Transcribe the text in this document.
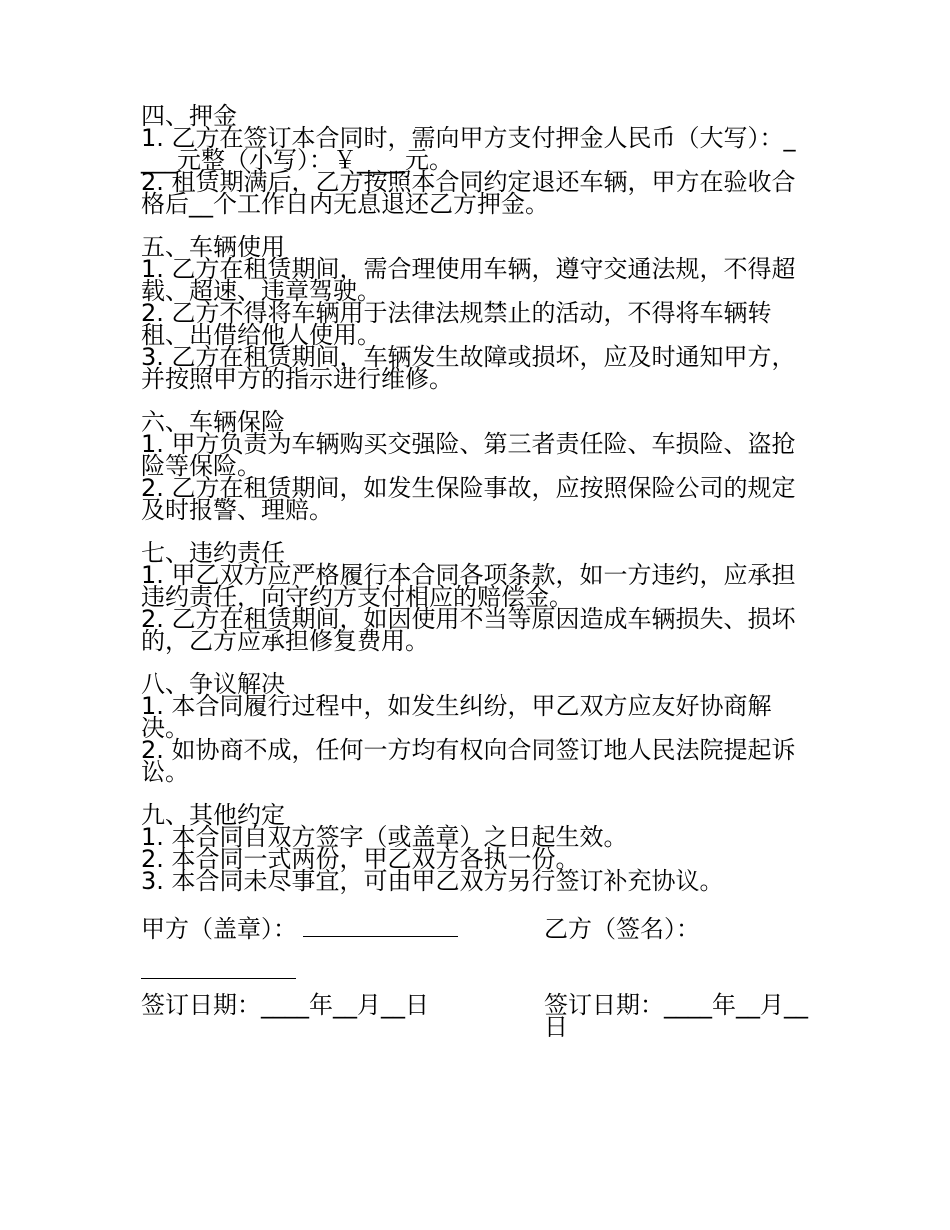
四、押金
1. 乙方在签订本合同时，需向甲方支付押金人民币（大写）：____元整（小写）：￥____元。
2. 租赁期满后，乙方按照本合同约定退还车辆，甲方在验收合格后__个工作日内无息退还乙方押金。
五、车辆使用
1. 乙方在租赁期间，需合理使用车辆，遵守交通法规，不得超载、超速、违章驾驶。
2. 乙方不得将车辆用于法律法规禁止的活动，不得将车辆转租、出借给他人使用。
3. 乙方在租赁期间，车辆发生故障或损坏，应及时通知甲方，并按照甲方的指示进行维修。
六、车辆保险
1. 甲方负责为车辆购买交强险、第三者责任险、车损险、盗抢险等保险。
2. 乙方在租赁期间，如发生保险事故，应按照保险公司的规定及时报警、理赔。
七、违约责任
1. 甲乙双方应严格履行本合同各项条款，如一方违约，应承担违约责任，向守约方支付相应的赔偿金。
2. 乙方在租赁期间，如因使用不当等原因造成车辆损失、损坏的，乙方应承担修复费用。
八、争议解决
1. 本合同履行过程中，如发生纠纷，甲乙双方应友好协商解决。
2. 如协商不成，任何一方均有权向合同签订地人民法院提起诉讼。
九、其他约定
1. 本合同自双方签字（或盖章）之日起生效。
2. 本合同一式两份，甲乙双方各执一份。
3. 本合同未尽事宜，可由甲乙双方另行签订补充协议。
甲方（盖章）：	乙方（签名）：
签订日期：____年__月__日	签订日期：____年__月__日
